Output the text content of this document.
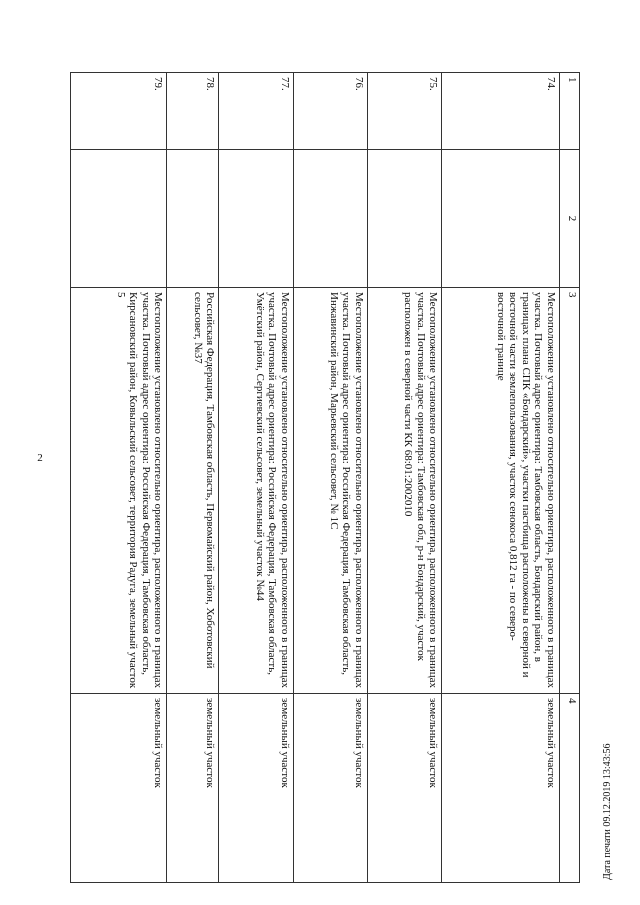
2
1	2	3	4
74.		Местоположение установлено относительно ориентира, расположенного в границах участка. Почтовый адрес ориентира: Тамбовская область, Бондарский район, в границах плана СПК «Бондарский», участки пастбища расположены в северной и восточной части землепользования, участок сенокоса 0,812 га - по северо-восточной границе	земельный участок
75.		Местоположение установлено относительно ориентира, расположенного в границах участка. Почтовый адрес ориентира: Тамбовская обл, р-н Бондарский, участок расположен в северной части КК 68:01:2002010	земельный участок
76.		Местоположение установлено относительно ориентира, расположенного в границах участка. Почтовый адрес ориентира: Российская Федерация, Тамбовская область, Инжавинский район, Марьевский сельсовет, № 1С	земельный участок
77.		Местоположение установлено относительно ориентира, расположенного в границах участка. Почтовый адрес ориентира: Российская Федерация, Тамбовская область, Умётский район, Сергиевский сельсовет, земельный участок №44	земельный участок
78.		Российская Федерация, Тамбовская область, Первомайский район, Хоботовский сельсовет, №37	земельный участок
79.		Местоположение установлено относительно ориентира, расположенного в границах участка. Почтовый адрес ориентира: Российская Федерация, Тамбовская область, Кирсановский район, Ковыльский сельсовет, территория Радуга, земельный участок 5	земельный участок
Дата печати 09.12.2019 13:43:56
